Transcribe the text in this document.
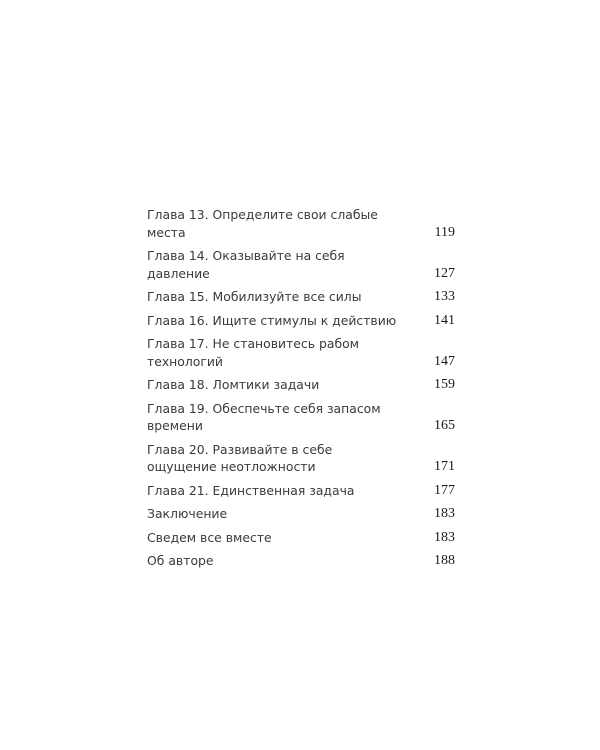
Глава 13. Определите свои слабые места	119
Глава 14. Оказывайте на себя давление	127
Глава 15. Мобилизуйте все силы	133
Глава 16. Ищите стимулы к действию	141
Глава 17. Не становитесь рабом технологий	147
Глава 18. Ломтики задачи	159
Глава 19. Обеспечьте себя запасом времени	165
Глава 20. Развивайте в себе ощущение неотложности	171
Глава 21. Единственная задача	177
Заключение	183
Сведем все вместе	183
Об авторе	188
